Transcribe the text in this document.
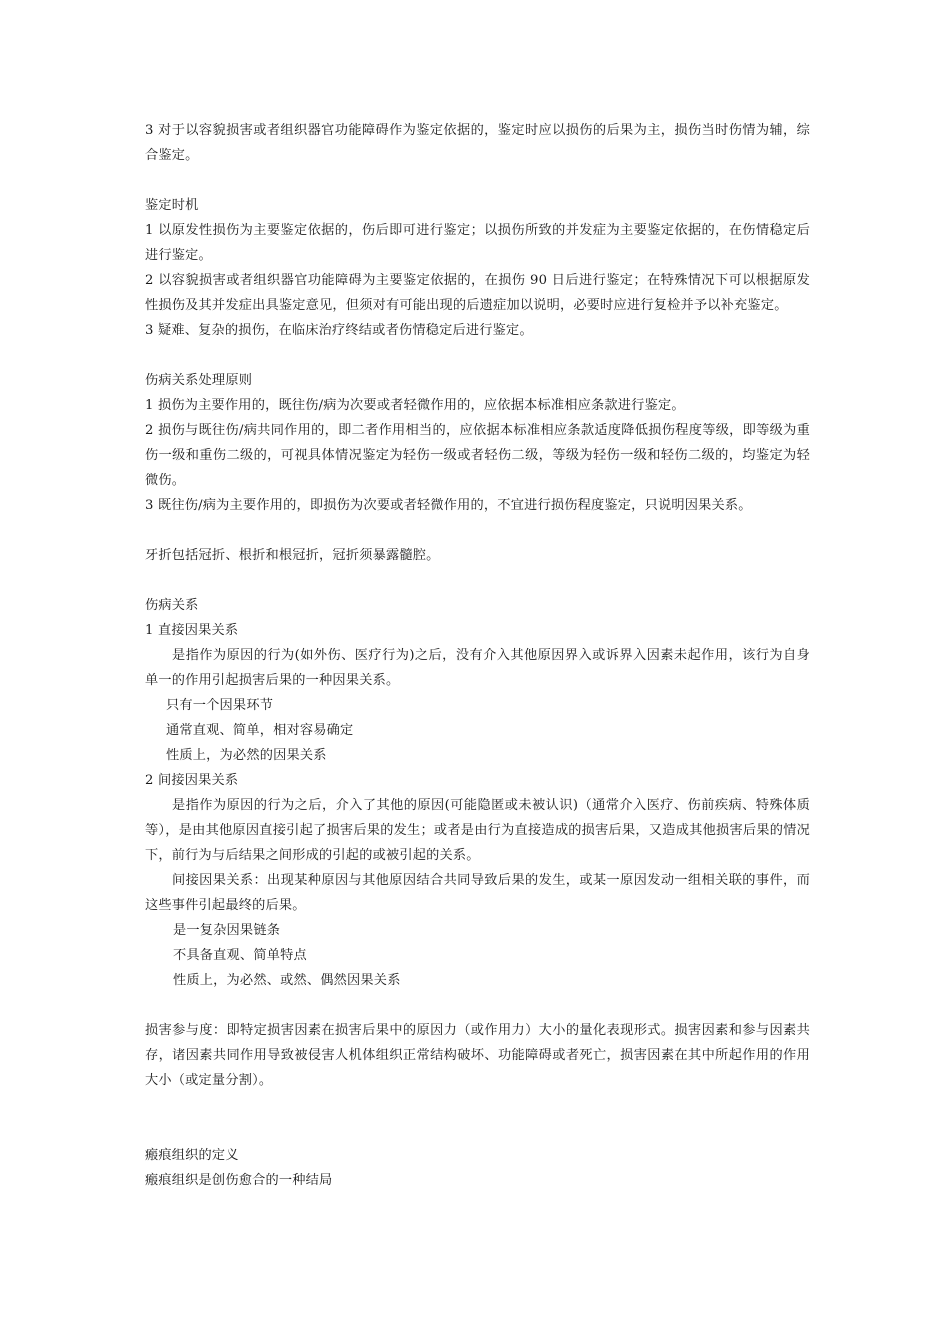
3 对于以容貌损害或者组织器官功能障碍作为鉴定依据的，鉴定时应以损伤的后果为主，损伤当时伤情为辅，综合鉴定。

鉴定时机
1 以原发性损伤为主要鉴定依据的，伤后即可进行鉴定；以损伤所致的并发症为主要鉴定依据的，在伤情稳定后进行鉴定。
2 以容貌损害或者组织器官功能障碍为主要鉴定依据的，在损伤 90 日后进行鉴定；在特殊情况下可以根据原发性损伤及其并发症出具鉴定意见，但须对有可能出现的后遗症加以说明，必要时应进行复检并予以补充鉴定。
3 疑难、复杂的损伤，在临床治疗终结或者伤情稳定后进行鉴定。
伤病关系处理原则
1 损伤为主要作用的，既往伤/病为次要或者轻微作用的，应依据本标准相应条款进行鉴定。
2 损伤与既往伤/病共同作用的，即二者作用相当的，应依据本标准相应条款适度降低损伤程度等级，即等级为重伤一级和重伤二级的，可视具体情况鉴定为轻伤一级或者轻伤二级，等级为轻伤一级和轻伤二级的，均鉴定为轻微伤。
3 既往伤/病为主要作用的，即损伤为次要或者轻微作用的，不宜进行损伤程度鉴定，只说明因果关系。
牙折包括冠折、根折和根冠折，冠折须暴露髓腔。
伤病关系
1 直接因果关系
是指作为原因的行为(如外伤、医疗行为)之后，没有介入其他原因界入或诉界入因素未起作用，该行为自身单一的作用引起损害后果的一种因果关系。
只有一个因果环节
通常直观、简单，相对容易确定
性质上，为必然的因果关系
2 间接因果关系
是指作为原因的行为之后，介入了其他的原因(可能隐匿或未被认识)（通常介入医疗、伤前疾病、特殊体质等），是由其他原因直接引起了损害后果的发生；或者是由行为直接造成的损害后果，又造成其他损害后果的情况下，前行为与后结果之间形成的引起的或被引起的关系。
间接因果关系：出现某种原因与其他原因结合共同导致后果的发生，或某一原因发动一组相关联的事件，而这些事件引起最终的后果。
是一复杂因果链条
不具备直观、简单特点
性质上，为必然、或然、偶然因果关系
损害参与度：即特定损害因素在损害后果中的原因力（或作用力）大小的量化表现形式。损害因素和参与因素共存，诸因素共同作用导致被侵害人机体组织正常结构破坏、功能障碍或者死亡，损害因素在其中所起作用的作用大小（或定量分割）。
瘢痕组织的定义
瘢痕组织是创伤愈合的一种结局
